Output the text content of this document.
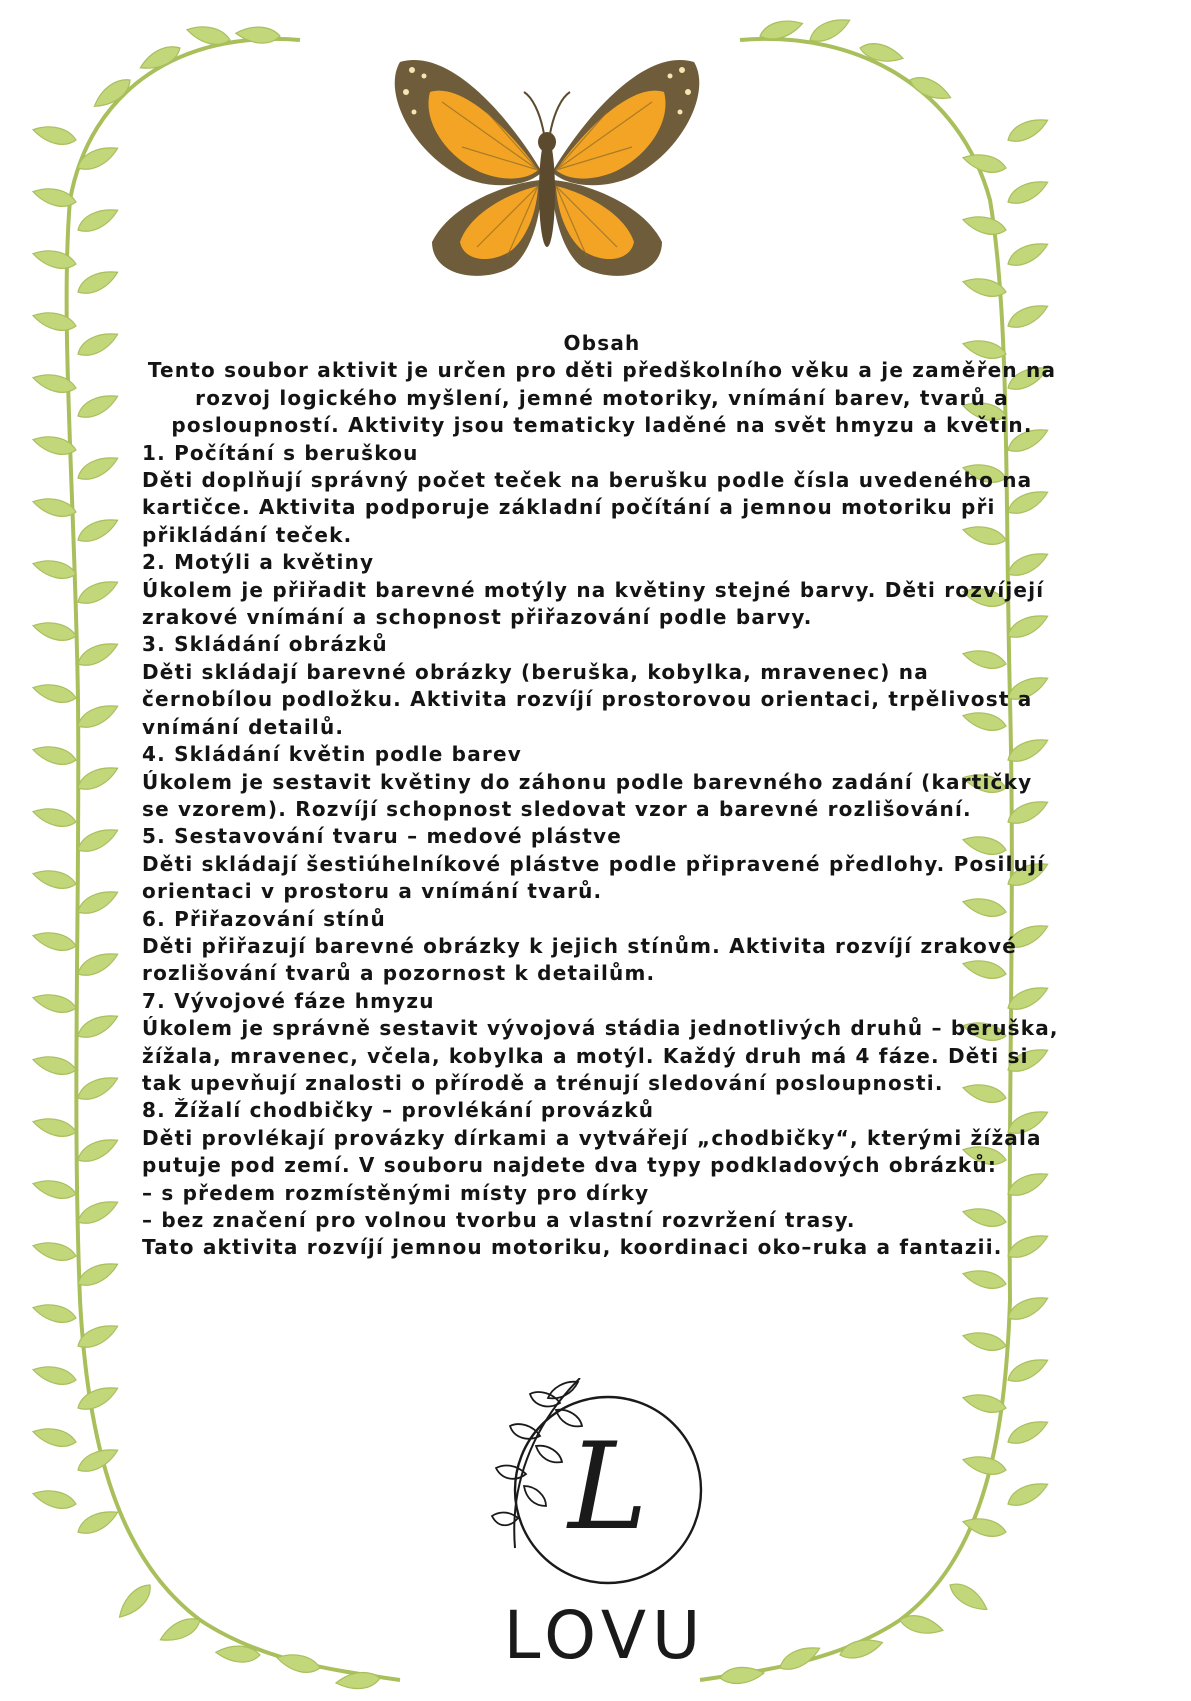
Obsah

Tento soubor aktivit je určen pro děti předškolního věku a je zaměřen na rozvoj logického myšlení, jemné motoriky, vnímání barev, tvarů a posloupností. Aktivity jsou tematicky laděné na svět hmyzu a květin.

1. Počítání s beruškou

Děti doplňují správný počet teček na berušku podle čísla uvedeného na kartičce. Aktivita podporuje základní počítání a jemnou motoriku při přikládání teček.

2. Motýli a květiny

Úkolem je přiřadit barevné motýly na květiny stejné barvy. Děti rozvíjejí zrakové vnímání a schopnost přiřazování podle barvy.

3. Skládání obrázků

Děti skládají barevné obrázky (beruška, kobylka, mravenec) na černobílou podložku. Aktivita rozvíjí prostorovou orientaci, trpělivost a vnímání detailů.

4. Skládání květin podle barev

Úkolem je sestavit květiny do záhonu podle barevného zadání (kartičky se vzorem). Rozvíjí schopnost sledovat vzor a barevné rozlišování.

5. Sestavování tvaru – medové plástve

Děti skládají šestiúhelníkové plástve podle připravené předlohy. Posilují orientaci v prostoru a vnímání tvarů.

6. Přiřazování stínů

Děti přiřazují barevné obrázky k jejich stínům. Aktivita rozvíjí zrakové rozlišování tvarů a pozornost k detailům.

7. Vývojové fáze hmyzu

Úkolem je správně sestavit vývojová stádia jednotlivých druhů – beruška, žížala, mravenec, včela, kobylka a motýl. Každý druh má 4 fáze. Děti si tak upevňují znalosti o přírodě a trénují sledování posloupnosti.

8. Žížalí chodbičky – provlékání provázků

Děti provlékají provázky dírkami a vytvářejí „chodbičky“, kterými žížala putuje pod zemí. V souboru najdete dva typy podkladových obrázků:

– s předem rozmístěnými místy pro dírky

– bez značení pro volnou tvorbu a vlastní rozvržení trasy.

Tato aktivita rozvíjí jemnou motoriku, koordinaci oko–ruka a fantazii.

L
LOVU
